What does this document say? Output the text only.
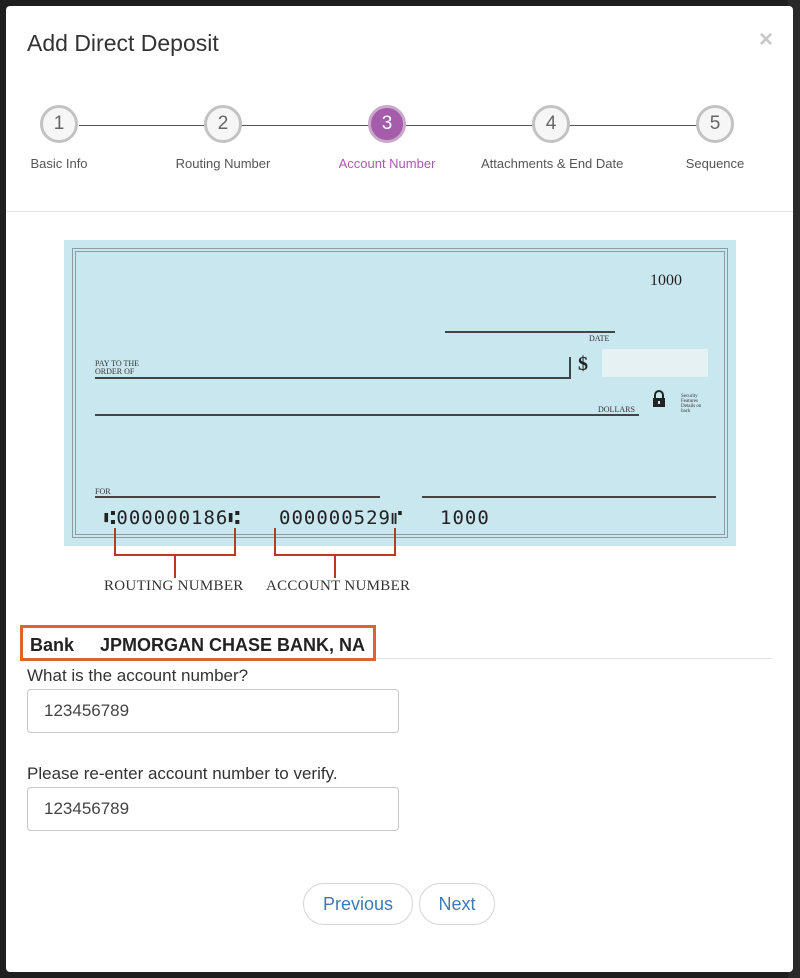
Add Direct Deposit	×
1
Basic Info
2
Routing Number
3
Account Number
4
Attachments & End Date
5
Sequence
1000
DATE
PAY TO THE
ORDER OF	$
DOLLARS
Security
Features
Details on
back
FOR
⑆000000186⑆ 000000529⑈ 1000
ROUTING NUMBER ACCOUNT NUMBER
Bank JPMORGAN CHASE BANK, NA
What is the account number?
123456789
Please re-enter account number to verify.
123456789
Previous	Next
